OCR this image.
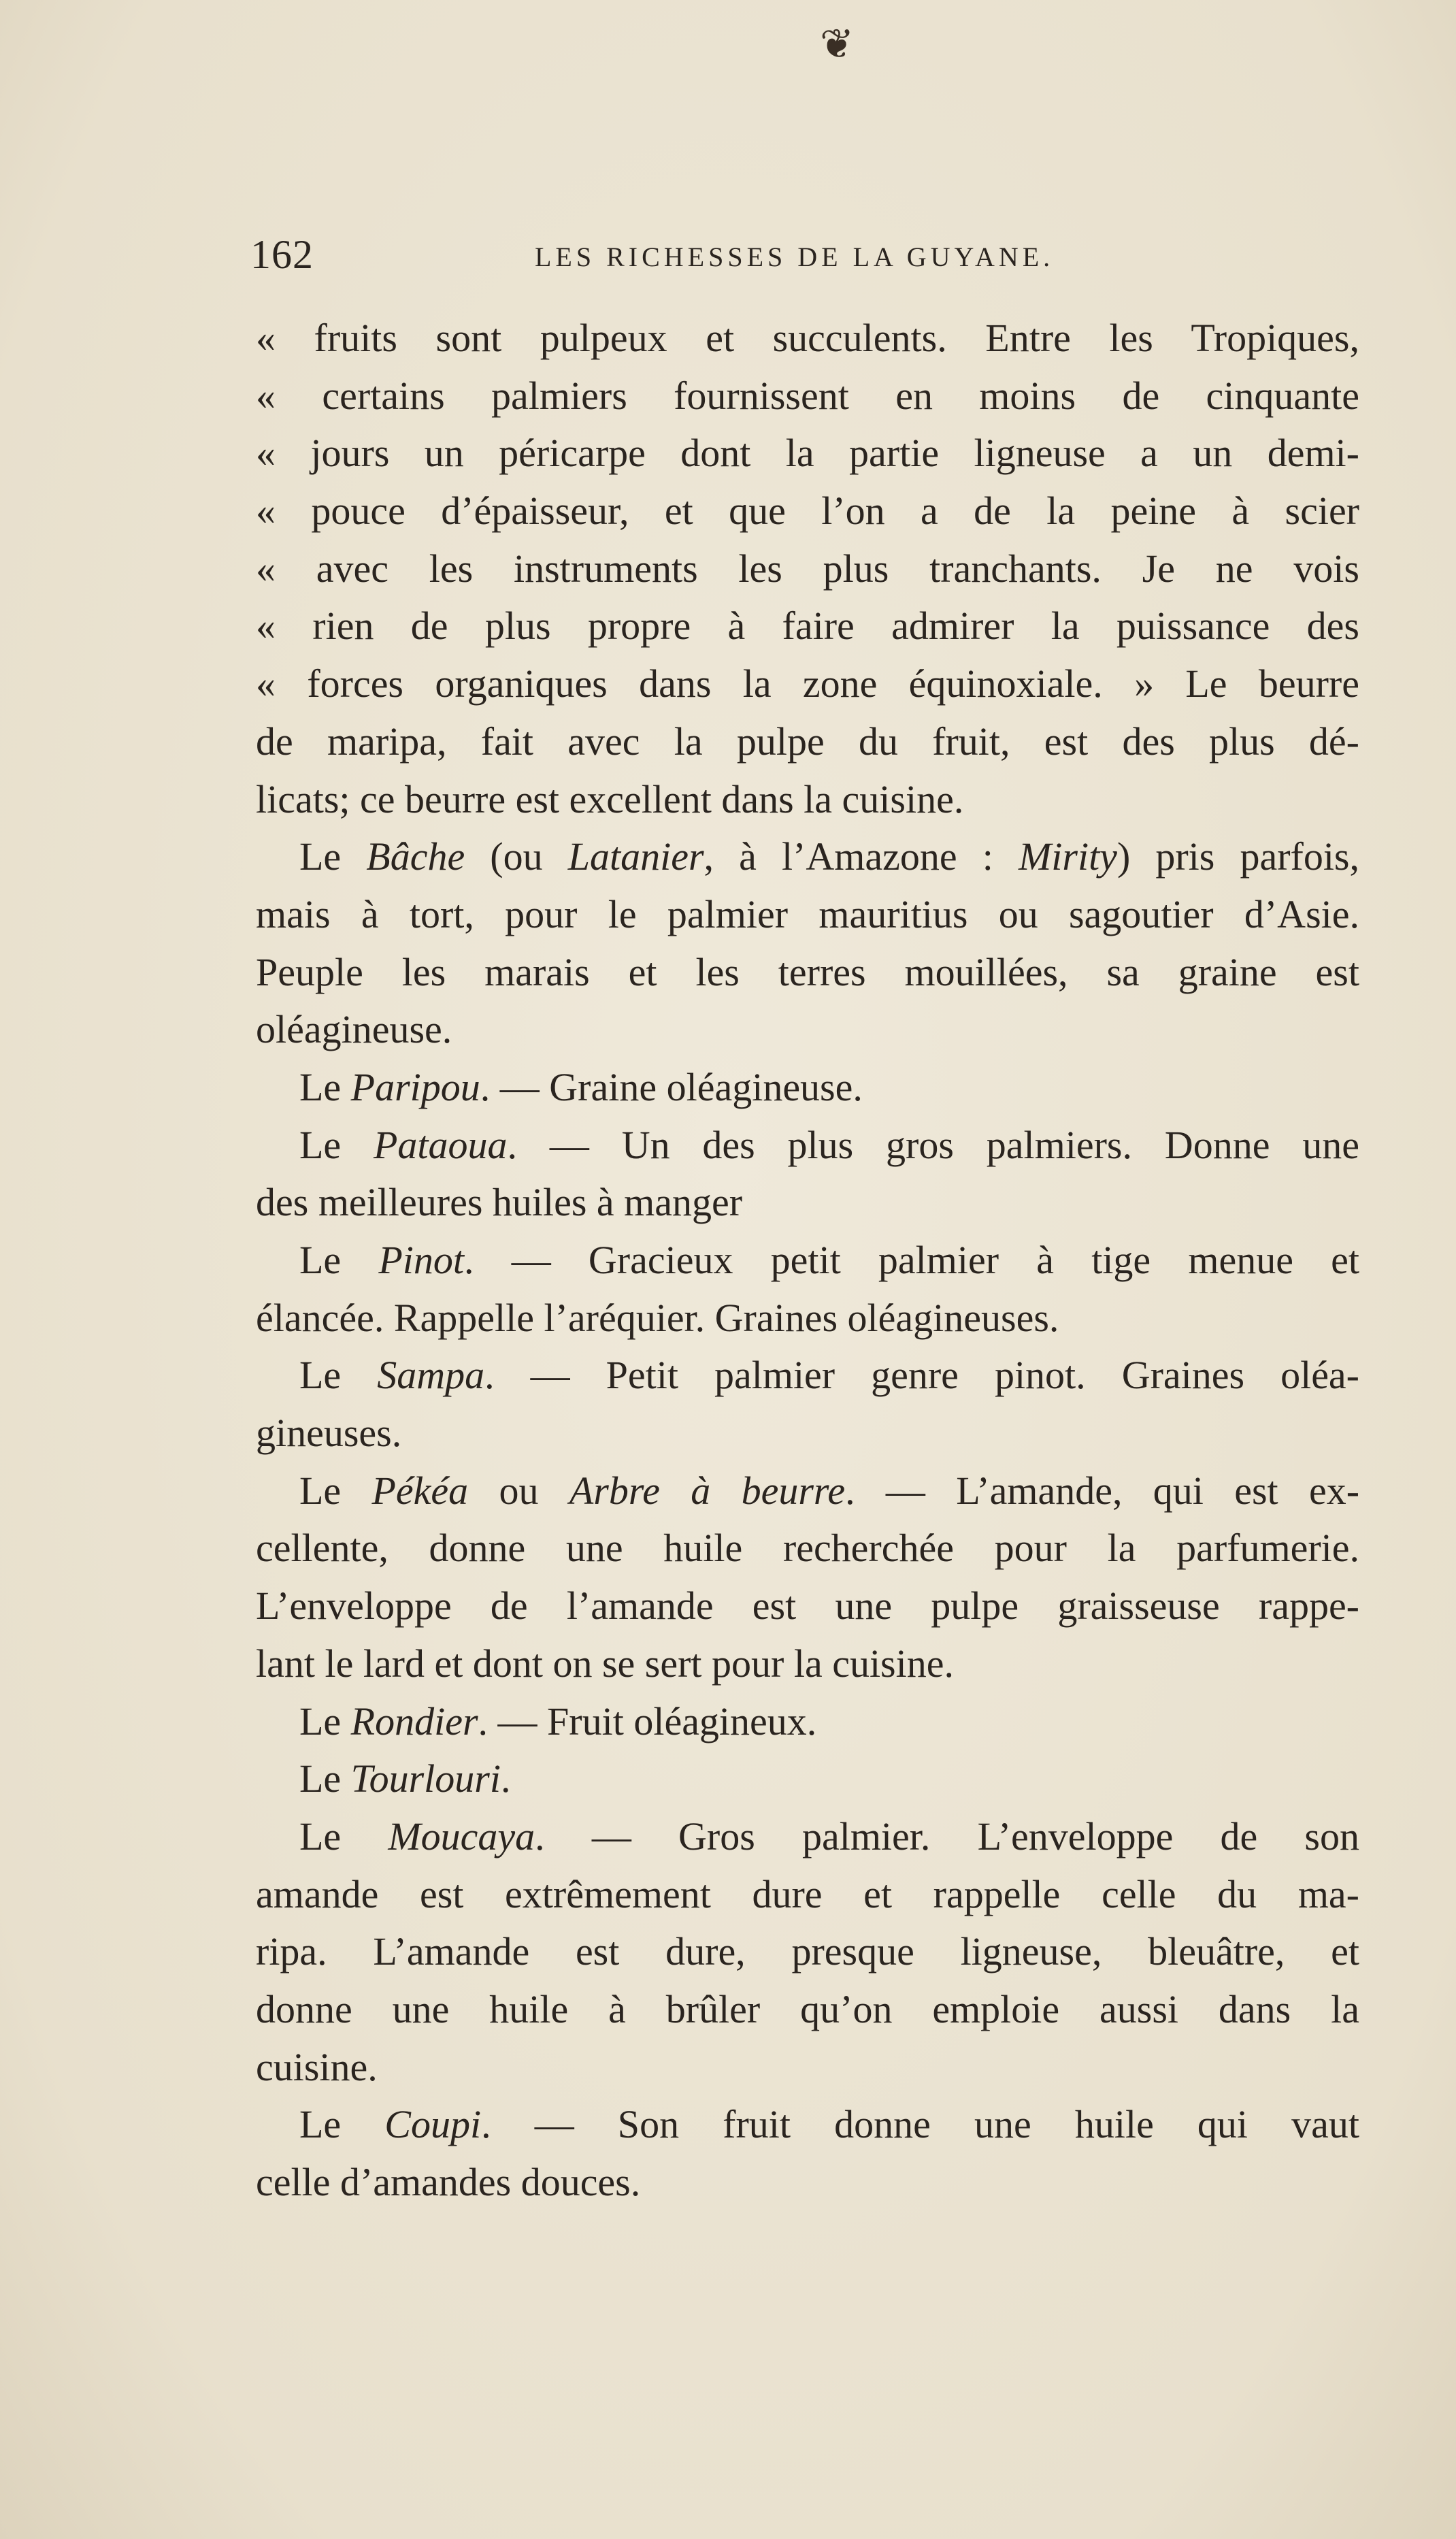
❦
162	LES RICHESSES DE LA GUYANE.
« fruits sont pulpeux et succulents. Entre les Tropiques,
« certains palmiers fournissent en moins de cinquante
« jours un péricarpe dont la partie ligneuse a un demi-
« pouce d’épaisseur, et que l’on a de la peine à scier
« avec les instruments les plus tranchants. Je ne vois
« rien de plus propre à faire admirer la puissance des
« forces organiques dans la zone équinoxiale. » Le beurre
de maripa, fait avec la pulpe du fruit, est des plus dé-
licats; ce beurre est excellent dans la cuisine.
Le Bâche (ou Latanier, à l’Amazone : Mirity) pris parfois,
mais à tort, pour le palmier mauritius ou sagoutier d’Asie.
Peuple les marais et les terres mouillées, sa graine est
oléagineuse.
Le Paripou. — Graine oléagineuse.
Le Pataoua. — Un des plus gros palmiers. Donne une
des meilleures huiles à manger
Le Pinot. — Gracieux petit palmier à tige menue et
élancée. Rappelle l’aréquier. Graines oléagineuses.
Le Sampa. — Petit palmier genre pinot. Graines oléa-
gineuses.
Le Pékéa ou Arbre à beurre. — L’amande, qui est ex-
cellente, donne une huile recherchée pour la parfumerie.
L’enveloppe de l’amande est une pulpe graisseuse rappe-
lant le lard et dont on se sert pour la cuisine.
Le Rondier. — Fruit oléagineux.
Le Tourlouri.
Le Moucaya. — Gros palmier. L’enveloppe de son
amande est extrêmement dure et rappelle celle du ma-
ripa. L’amande est dure, presque ligneuse, bleuâtre, et
donne une huile à brûler qu’on emploie aussi dans la
cuisine.
Le Coupi. — Son fruit donne une huile qui vaut
celle d’amandes douces.
